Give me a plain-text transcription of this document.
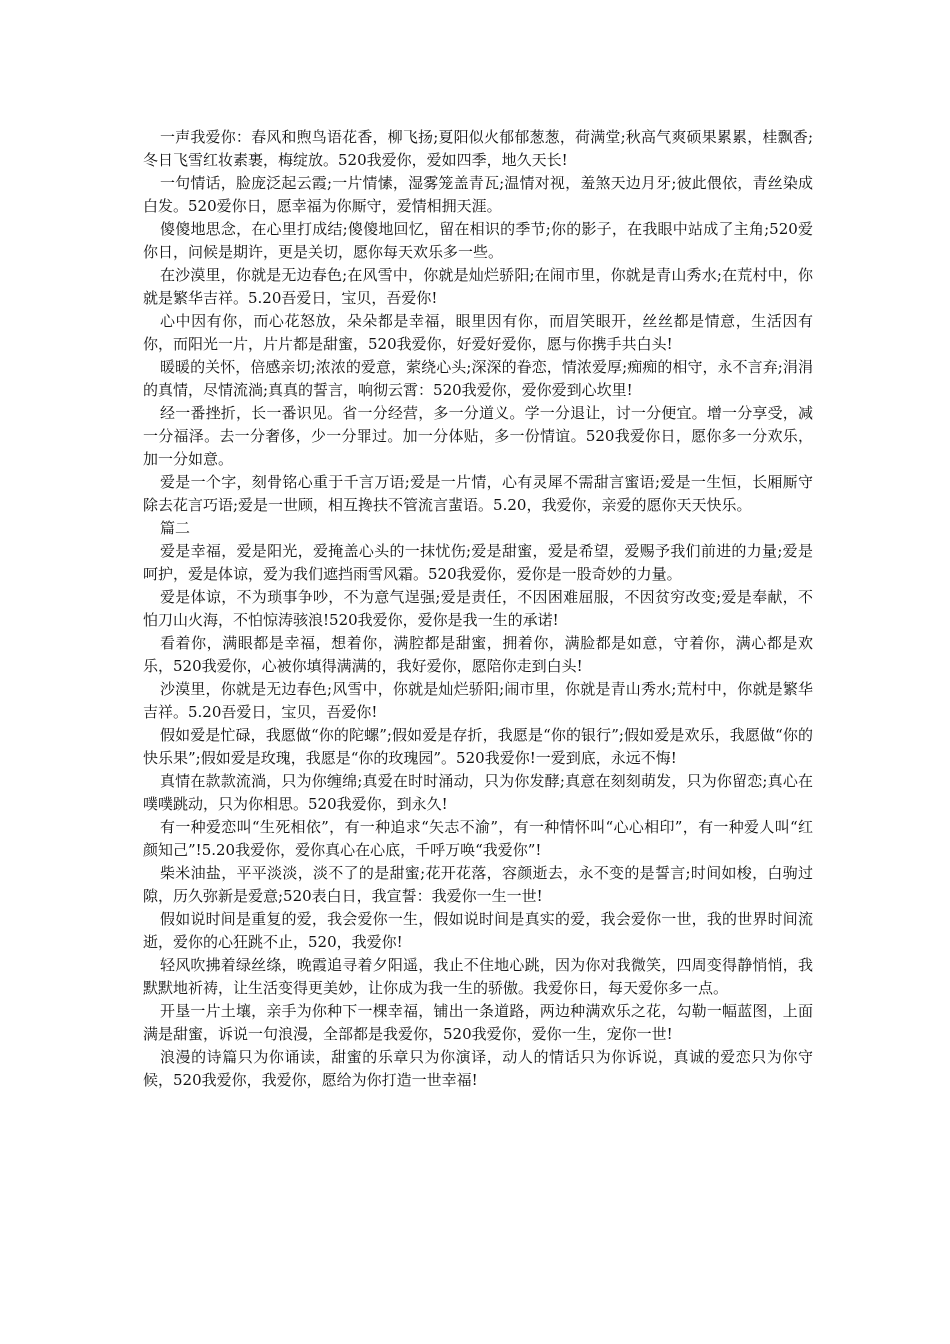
一声我爱你：春风和煦鸟语花香，柳飞扬;夏阳似火郁郁葱葱，荷满堂;秋高气爽硕果累累，桂飘香;冬日飞雪红妆素裹，梅绽放。520我爱你，爱如四季，地久天长!

一句情话，脸庞泛起云霞;一片情愫，湿雾笼盖青瓦;温情对视，羞煞天边月牙;彼此偎依，青丝染成白发。520爱你日，愿幸福为你厮守，爱情相拥天涯。

傻傻地思念，在心里打成结;傻傻地回忆，留在相识的季节;你的影子，在我眼中站成了主角;520爱你日，问候是期许，更是关切，愿你每天欢乐多一些。

在沙漠里，你就是无边春色;在风雪中，你就是灿烂骄阳;在闹市里，你就是青山秀水;在荒村中，你就是繁华吉祥。5.20吾爱日，宝贝，吾爱你!

心中因有你，而心花怒放，朵朵都是幸福，眼里因有你，而眉笑眼开，丝丝都是情意，生活因有你，而阳光一片，片片都是甜蜜，520我爱你，好爱好爱你，愿与你携手共白头!

暖暖的关怀，倍感亲切;浓浓的爱意，萦绕心头;深深的眷恋，情浓爱厚;痴痴的相守，永不言弃;涓涓的真情，尽情流淌;真真的誓言，响彻云霄：520我爱你，爱你爱到心坎里!

经一番挫折，长一番识见。省一分经营，多一分道义。学一分退让，讨一分便宜。增一分享受，减一分福泽。去一分奢侈，少一分罪过。加一分体贴，多一份情谊。520我爱你日，愿你多一分欢乐，加一分如意。

爱是一个字，刻骨铭心重于千言万语;爱是一片情，心有灵犀不需甜言蜜语;爱是一生恒，长厢厮守除去花言巧语;爱是一世顾，相互搀扶不管流言蜚语。5.20，我爱你，亲爱的愿你天天快乐。

篇二

爱是幸福，爱是阳光，爱掩盖心头的一抹忧伤;爱是甜蜜，爱是希望，爱赐予我们前进的力量;爱是呵护，爱是体谅，爱为我们遮挡雨雪风霜。520我爱你，爱你是一股奇妙的力量。

爱是体谅，不为琐事争吵，不为意气逞强;爱是责任，不因困难屈服，不因贫穷改变;爱是奉献，不怕刀山火海，不怕惊涛骇浪!520我爱你，爱你是我一生的承诺!

看着你，满眼都是幸福，想着你，满腔都是甜蜜，拥着你，满脸都是如意，守着你，满心都是欢乐，520我爱你，心被你填得满满的，我好爱你，愿陪你走到白头!

沙漠里，你就是无边春色;风雪中，你就是灿烂骄阳;闹市里，你就是青山秀水;荒村中，你就是繁华吉祥。5.20吾爱日，宝贝，吾爱你!

假如爱是忙碌，我愿做“你的陀螺”;假如爱是存折，我愿是“你的银行”;假如爱是欢乐，我愿做“你的快乐果”;假如爱是玫瑰，我愿是“你的玫瑰园”。520我爱你!一爱到底，永远不悔!

真情在款款流淌，只为你缠绵;真爱在时时涌动，只为你发酵;真意在刻刻萌发，只为你留恋;真心在噗噗跳动，只为你相思。520我爱你，到永久!

有一种爱恋叫“生死相依”，有一种追求“矢志不渝”，有一种情怀叫“心心相印”，有一种爱人叫“红颜知己”!5.20我爱你，爱你真心在心底，千呼万唤“我爱你”!

柴米油盐，平平淡淡，淡不了的是甜蜜;花开花落，容颜逝去，永不变的是誓言;时间如梭，白驹过隙，历久弥新是爱意;520表白日，我宣誓：我爱你一生一世!

假如说时间是重复的爱，我会爱你一生，假如说时间是真实的爱，我会爱你一世，我的世界时间流逝，爱你的心狂跳不止，520，我爱你!

轻风吹拂着绿丝绦，晚霞追寻着夕阳遥，我止不住地心跳，因为你对我微笑，四周变得静悄悄，我默默地祈祷，让生活变得更美妙，让你成为我一生的骄傲。我爱你日，每天爱你多一点。

开垦一片土壤，亲手为你种下一棵幸福，铺出一条道路，两边种满欢乐之花，勾勒一幅蓝图，上面满是甜蜜，诉说一句浪漫，全部都是我爱你，520我爱你，爱你一生，宠你一世!

浪漫的诗篇只为你诵读，甜蜜的乐章只为你演译，动人的情话只为你诉说，真诚的爱恋只为你守候，520我爱你，我爱你，愿给为你打造一世幸福!
